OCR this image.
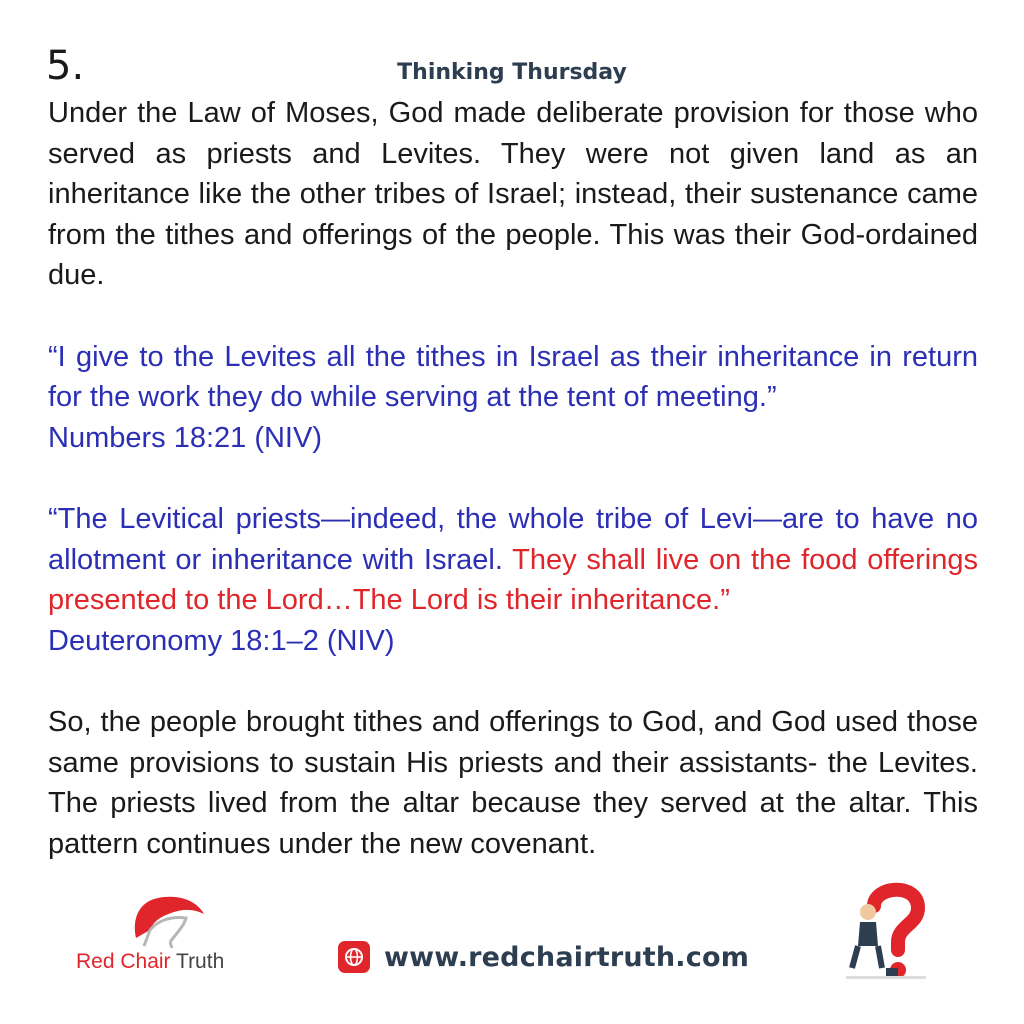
5.	Thinking Thursday

Under the Law of Moses, God made deliberate provision for those who served as priests and Levites. They were not given land as an inheritance like the other tribes of Israel; instead, their sustenance came from the tithes and offerings of the people. This was their God-ordained due.

“I give to the Levites all the tithes in Israel as their inheritance in return for the work they do while serving at the tent of meeting.”
Numbers 18:21 (NIV)

“The Levitical priests—indeed, the whole tribe of Levi—are to have no allotment or inheritance with Israel. They shall live on the food offerings presented to the Lord…The Lord is their inheritance.”
Deuteronomy 18:1–2 (NIV)

So, the people brought tithes and offerings to God, and God used those same provisions to sustain His priests and their assistants- the Levites. The priests lived from the altar because they served at the altar. This pattern continues under the new covenant.

Red Chair Truth	www.redchairtruth.com
